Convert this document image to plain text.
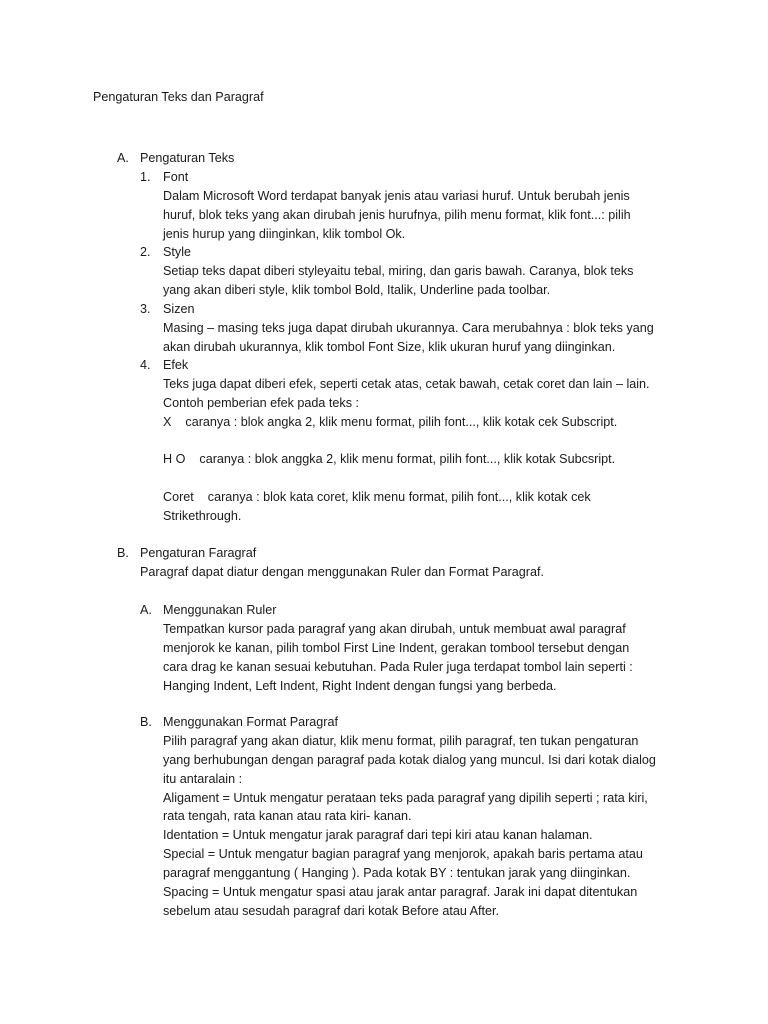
Pengaturan Teks dan Paragraf
A. Pengaturan Teks
1. Font
Dalam Microsoft Word terdapat banyak jenis atau variasi huruf. Untuk berubah jenis
huruf, blok teks yang akan dirubah jenis hurufnya, pilih menu format, klik font...: pilih
jenis hurup yang diinginkan, klik tombol Ok.
2. Style
Setiap teks dapat diberi styleyaitu tebal, miring, dan garis bawah. Caranya, blok teks
yang akan diberi style, klik tombol Bold, Italik, Underline pada toolbar.
3. Sizen
Masing – masing teks juga dapat dirubah ukurannya. Cara merubahnya : blok teks yang
akan dirubah ukurannya, klik tombol Font Size, klik ukuran huruf yang diinginkan.
4. Efek
Teks juga dapat diberi efek, seperti cetak atas, cetak bawah, cetak coret dan lain – lain.
Contoh pemberian efek pada teks :
X caranya : blok angka 2, klik menu format, pilih font..., klik kotak cek Subscript.
H O caranya : blok anggka 2, klik menu format, pilih font..., klik kotak Subcsript.
Coret caranya : blok kata coret, klik menu format, pilih font..., klik kotak cek
Strikethrough.
B. Pengaturan Faragraf
Paragraf dapat diatur dengan menggunakan Ruler dan Format Paragraf.
A. Menggunakan Ruler
Tempatkan kursor pada paragraf yang akan dirubah, untuk membuat awal paragraf
menjorok ke kanan, pilih tombol First Line Indent, gerakan tombool tersebut dengan
cara drag ke kanan sesuai kebutuhan. Pada Ruler juga terdapat tombol lain seperti :
Hanging Indent, Left Indent, Right Indent dengan fungsi yang berbeda.
B. Menggunakan Format Paragraf
Pilih paragraf yang akan diatur, klik menu format, pilih paragraf, ten tukan pengaturan
yang berhubungan dengan paragraf pada kotak dialog yang muncul. Isi dari kotak dialog
itu antaralain :
Aligament = Untuk mengatur perataan teks pada paragraf yang dipilih seperti ; rata kiri,
rata tengah, rata kanan atau rata kiri- kanan.
Identation = Untuk mengatur jarak paragraf dari tepi kiri atau kanan halaman.
Special = Untuk mengatur bagian paragraf yang menjorok, apakah baris pertama atau
paragraf menggantung ( Hanging ). Pada kotak BY : tentukan jarak yang diinginkan.
Spacing = Untuk mengatur spasi atau jarak antar paragraf. Jarak ini dapat ditentukan
sebelum atau sesudah paragraf dari kotak Before atau After.
